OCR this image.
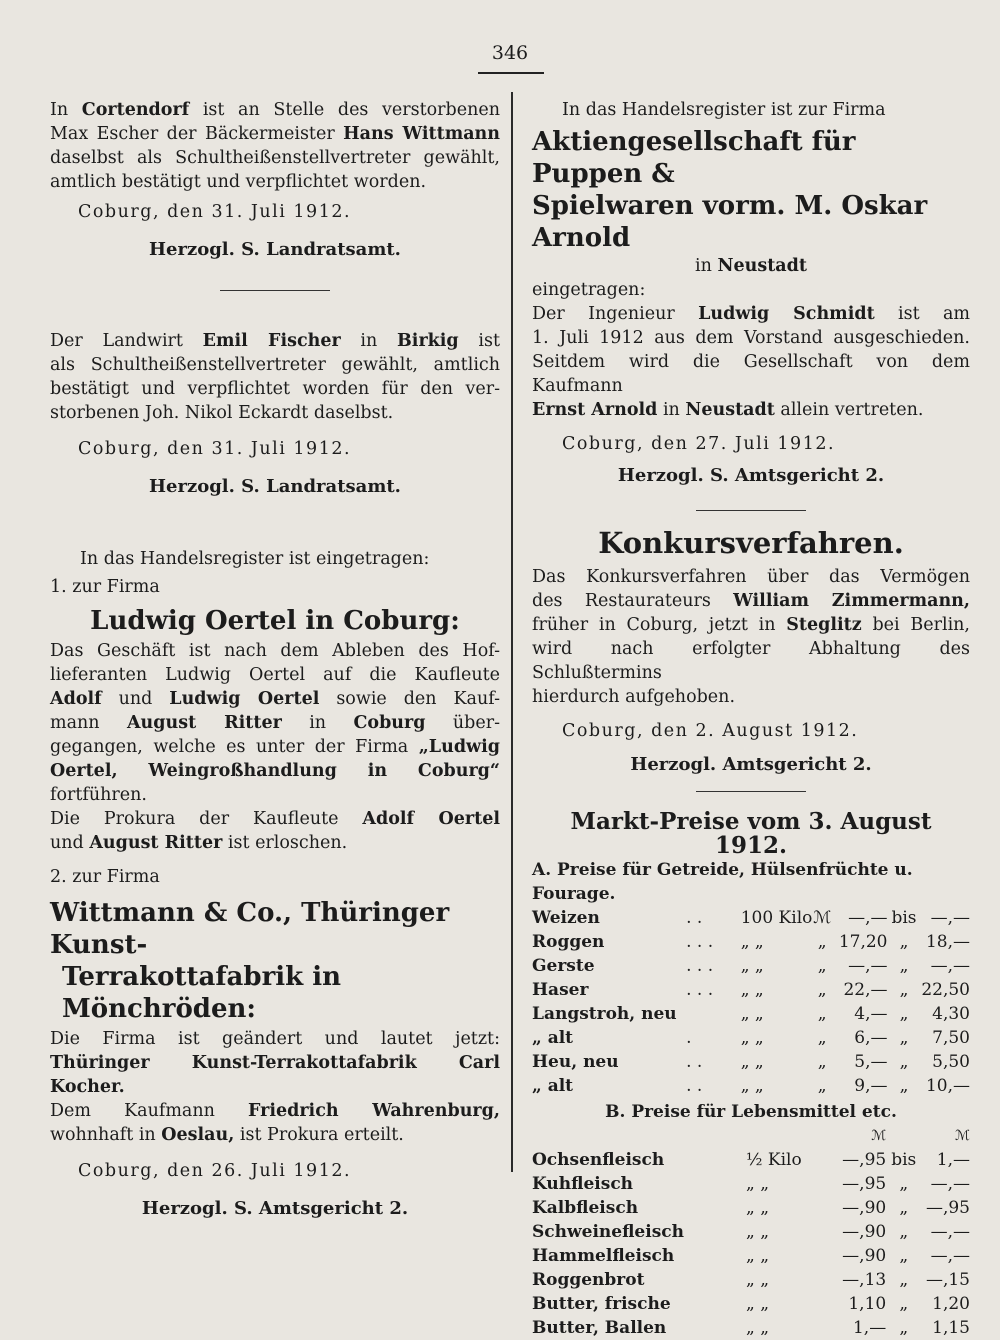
346

In Cortendorf ist an Stelle des verstorbenen

Max Escher der Bäckermeister Hans Wittmann

daselbst als Schultheißenstellvertreter gewählt,

amtlich bestätigt und verpflichtet worden.

Coburg, den 31. Juli 1912.

Herzogl. S. Landratsamt.

Der Landwirt Emil Fischer in Birkig ist

als Schultheißenstellvertreter gewählt, amtlich

bestätigt und verpflichtet worden für den ver-

storbenen Joh. Nikol Eckardt daselbst.

Coburg, den 31. Juli 1912.

Herzogl. S. Landratsamt.

In das Handelsregister ist eingetragen:

1. zur Firma

Ludwig Oertel in Coburg:

Das Geschäft ist nach dem Ableben des Hof-

lieferanten Ludwig Oertel auf die Kaufleute

Adolf und Ludwig Oertel sowie den Kauf-

mann August Ritter in Coburg über-

gegangen, welche es unter der Firma „Ludwig

Oertel, Weingroßhandlung in Coburg“

fortführen.

Die Prokura der Kaufleute Adolf Oertel

und August Ritter ist erloschen.

2. zur Firma

Wittmann & Co., Thüringer Kunst-

Terrakottafabrik in Mönchröden:

Die Firma ist geändert und lautet jetzt:

Thüringer Kunst-Terrakottafabrik Carl

Kocher.

Dem Kaufmann Friedrich Wahrenburg,

wohnhaft in Oeslau, ist Prokura erteilt.

Coburg, den 26. Juli 1912.

Herzogl. S. Amtsgericht 2.

In das Handelsregister ist zur Firma

Aktiengesellschaft für Puppen &

Spielwaren vorm. M. Oskar Arnold

in Neustadt

eingetragen:

Der Ingenieur Ludwig Schmidt ist am

1. Juli 1912 aus dem Vorstand ausgeschieden.

Seitdem wird die Gesellschaft von dem Kaufmann

Ernst Arnold in Neustadt allein vertreten.

Coburg, den 27. Juli 1912.

Herzogl. S. Amtsgericht 2.

Konkursverfahren.

Das Konkursverfahren über das Vermögen

des Restaurateurs William Zimmermann,

früher in Coburg, jetzt in Steglitz bei Berlin,

wird nach erfolgter Abhaltung des Schlußtermins

hierdurch aufgehoben.

Coburg, den 2. August 1912.

Herzogl. Amtsgericht 2.

Markt-Preise vom 3. August 1912.

A. Preise für Getreide, Hülsenfrüchte u. Fourage.

Weizen	. .	100 Kilo	ℳ	—,—	bis	—,—
Roggen	. . .	„ „	„	17,20	„	18,—
Gerste	. . .	„ „	„	—,—	„	—,—
Haser	. . .	„ „	„	22,—	„	22,50
Langstroh, neu		„ „	„	4,—	„	4,30
„ alt	.	„ „	„	6,—	„	7,50
Heu, neu	. .	„ „	„	5,—	„	5,50
„ alt	. .	„ „	„	9,—	„	10,—

B. Preise für Lebensmittel etc.

				ℳ		ℳ
Ochsenfleisch		½ Kilo		—,95	bis	1,—
Kuhfleisch		„ „		—,95	„	—,—
Kalbfleisch		„ „		—,90	„	—,95
Schweinefleisch		„ „		—,90	„	—,—
Hammelfleisch		„ „		—,90	„	—,—
Roggenbrot		„ „		—,13	„	—,15
Butter, frische		„ „		1,10	„	1,20
Butter, Ballen		„ „		1,—	„	1,15
